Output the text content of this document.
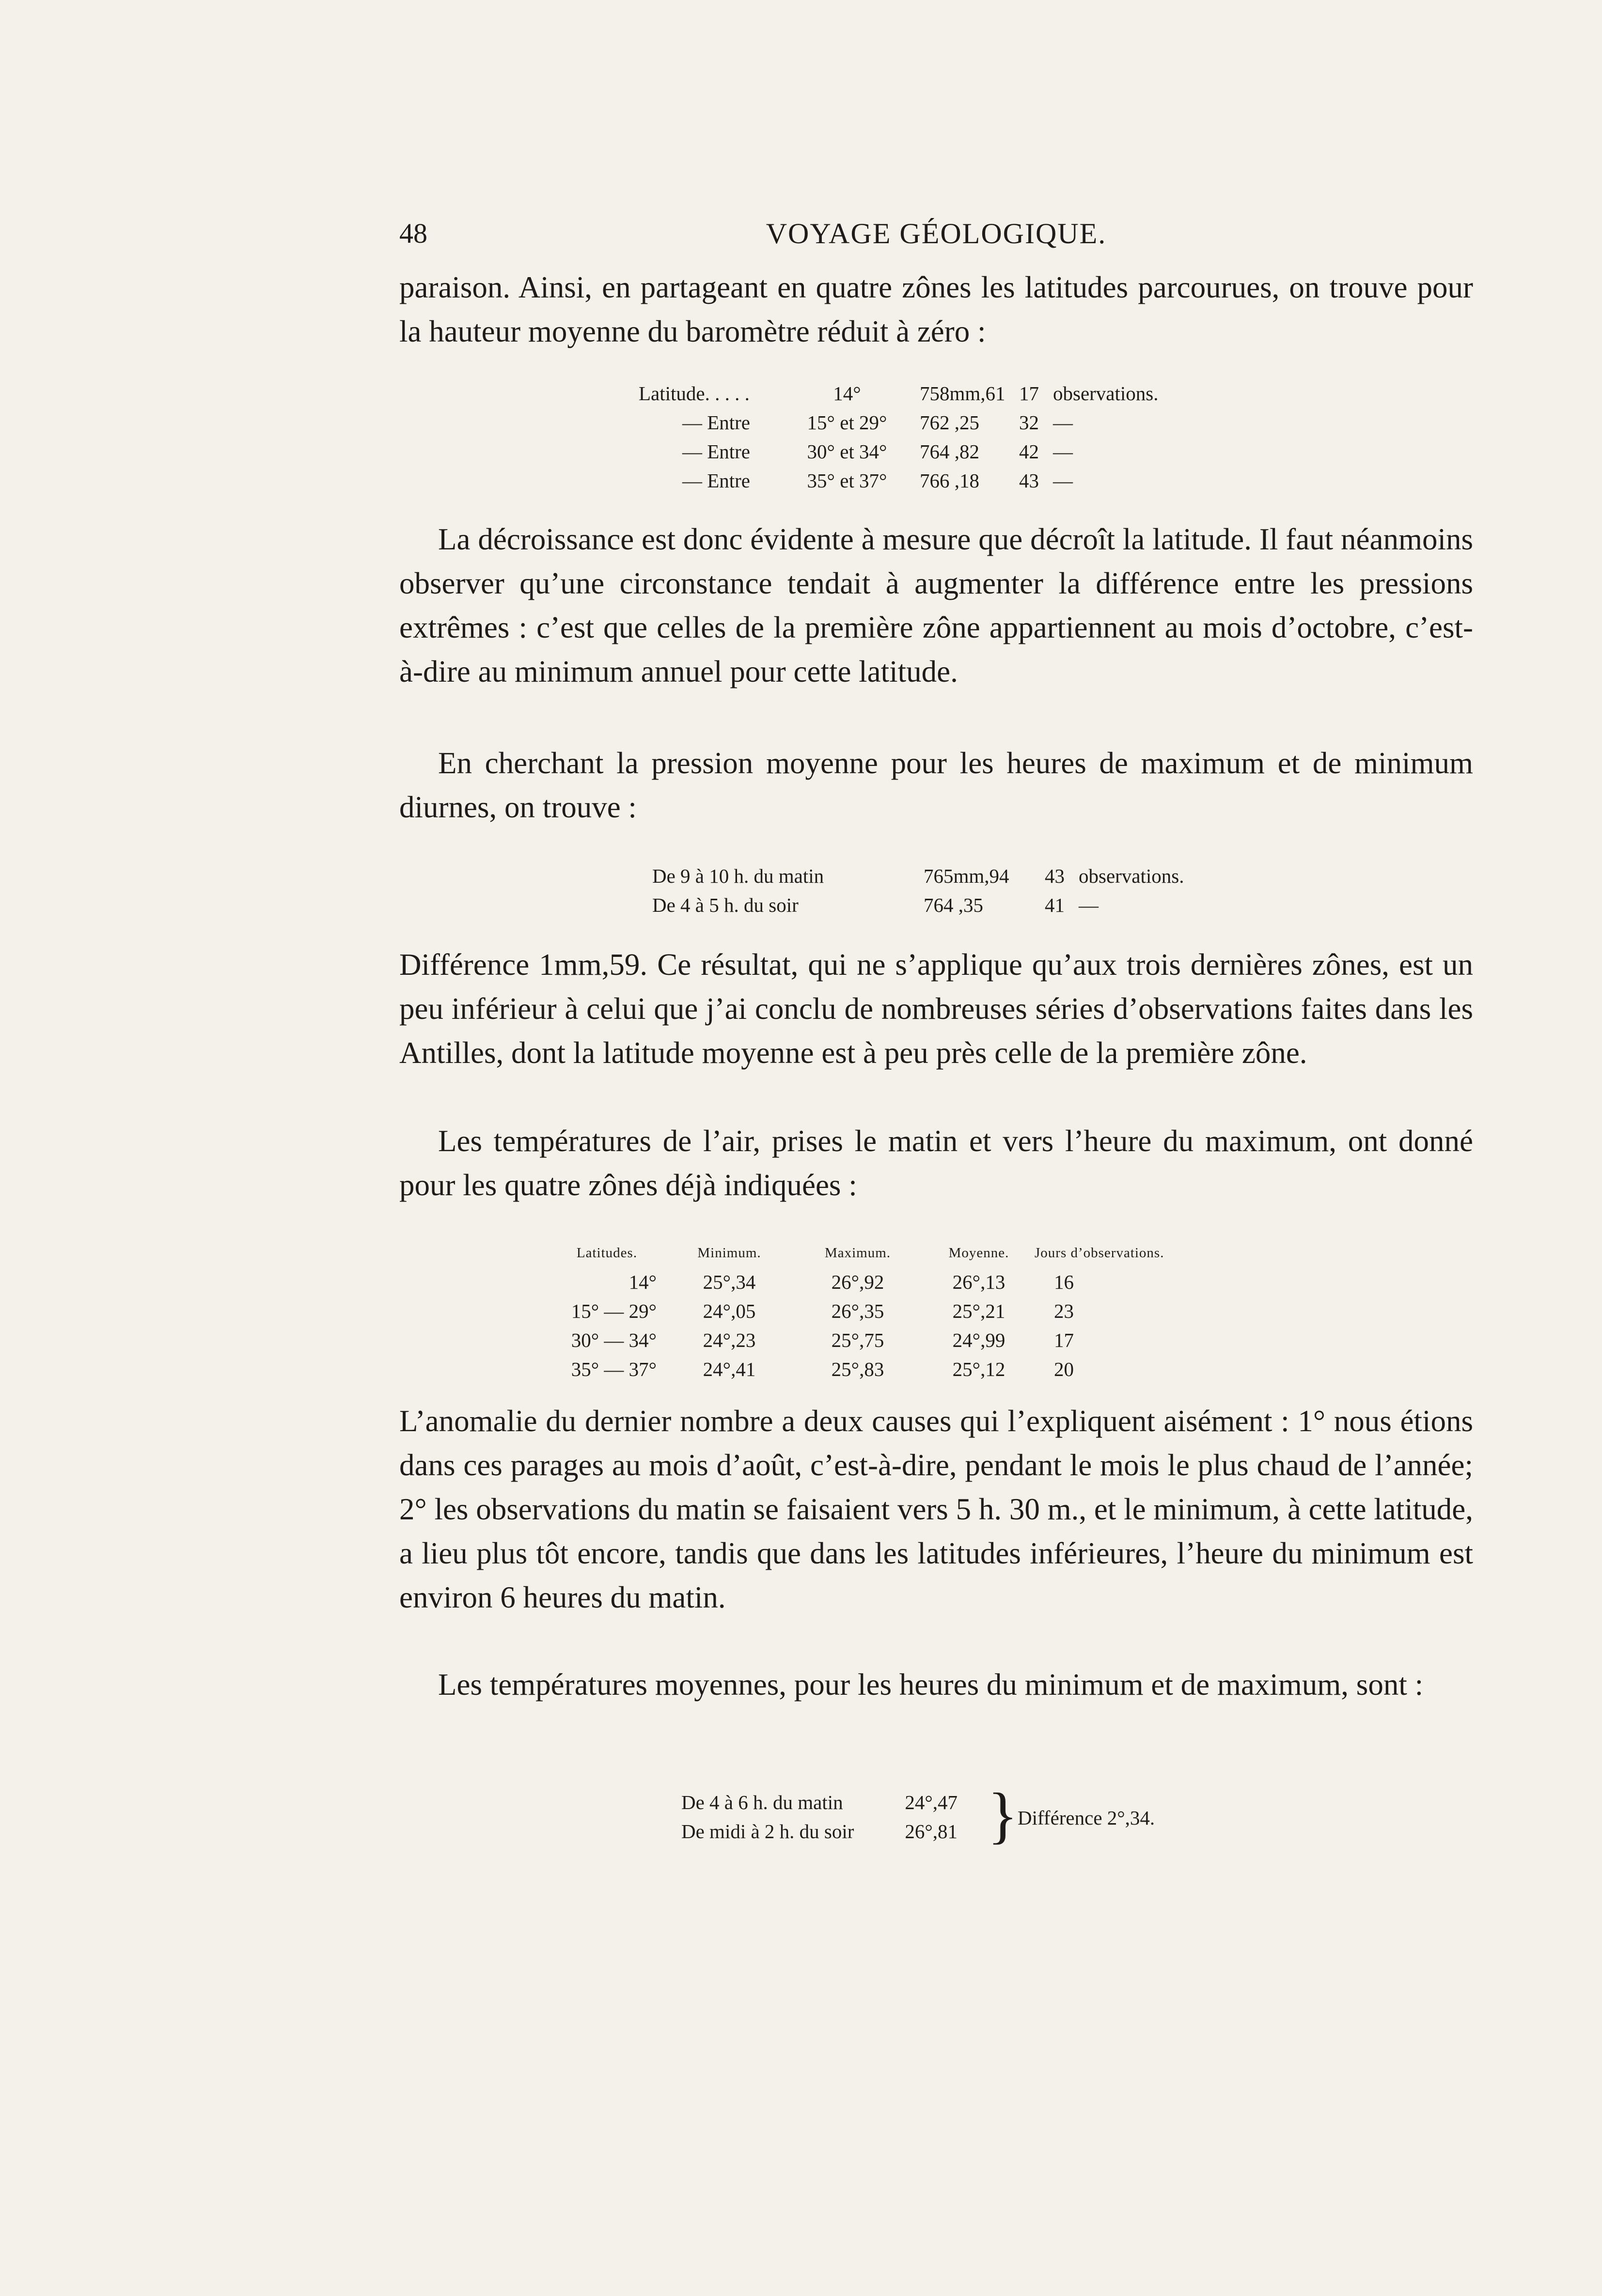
48	VOYAGE GÉOLOGIQUE.

paraison. Ainsi, en partageant en quatre zônes les latitudes parcourues, on trouve pour la hauteur moyenne du baromètre réduit à zéro :

Latitude. . . . .	14°	758mm,61	17	observations.
— Entre	15° et 29°	762 ,25	32	—
— Entre	30° et 34°	764 ,82	42	—
— Entre	35° et 37°	766 ,18	43	—

La décroissance est donc évidente à mesure que décroît la latitude. Il faut néanmoins observer qu’une circonstance tendait à augmenter la différence entre les pressions extrêmes : c’est que celles de la première zône appartiennent au mois d’octobre, c’est-à-dire au minimum annuel pour cette latitude.

En cherchant la pression moyenne pour les heures de maximum et de minimum diurnes, on trouve :

De 9 à 10 h. du matin	765mm,94	43	observations.
De 4 à 5 h. du soir	764 ,35	41	—

Différence 1mm,59. Ce résultat, qui ne s’applique qu’aux trois dernières zônes, est un peu inférieur à celui que j’ai conclu de nombreuses séries d’observations faites dans les Antilles, dont la latitude moyenne est à peu près celle de la première zône.

Les températures de l’air, prises le matin et vers l’heure du maximum, ont donné pour les quatre zônes déjà indiquées :

Latitudes.	Minimum.	Maximum.	Moyenne.	Jours d’observations.
14°	25°,34	26°,92	26°,13	16
15° — 29°	24°,05	26°,35	25°,21	23
30° — 34°	24°,23	25°,75	24°,99	17
35° — 37°	24°,41	25°,83	25°,12	20

L’anomalie du dernier nombre a deux causes qui l’expliquent aisément : 1° nous étions dans ces parages au mois d’août, c’est-à-dire, pendant le mois le plus chaud de l’année; 2° les observations du matin se faisaient vers 5 h. 30 m., et le minimum, à cette latitude, a lieu plus tôt encore, tandis que dans les latitudes inférieures, l’heure du minimum est environ 6 heures du matin.

Les températures moyennes, pour les heures du minimum et de maximum, sont :

De 4 à 6 h. du matin	24°,47
De midi à 2 h. du soir	26°,81 } Différence 2°,34.
